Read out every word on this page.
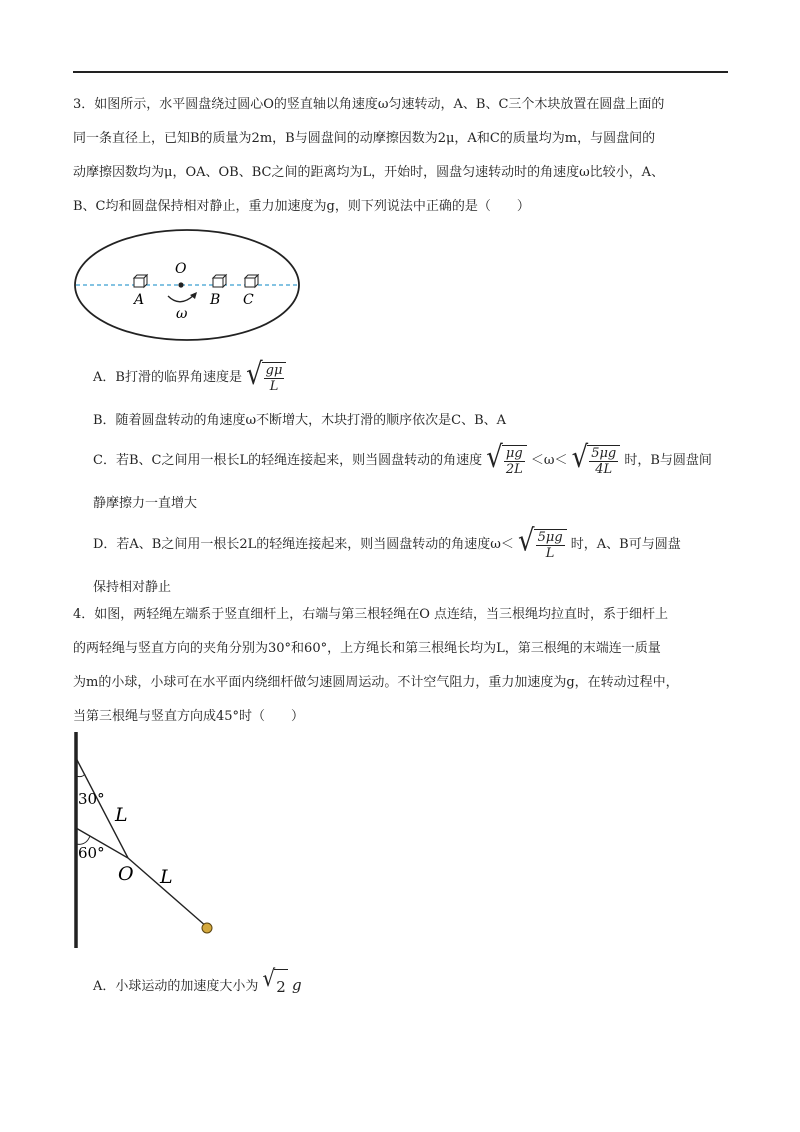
3．如图所示，水平圆盘绕过圆心O的竖直轴以角速度ω匀速转动，A、B、C三个木块放置在圆盘上面的

同一条直径上，已知B的质量为2m，B与圆盘间的动摩擦因数为2μ，A和C的质量均为m，与圆盘间的

动摩擦因数均为μ，OA、OB、BC之间的距离均为L，开始时，圆盘匀速转动时的角速度ω比较小，A、

B、C均和圆盘保持相对静止，重力加速度为g，则下列说法中正确的是（　　）

O
A	B C
ω
A．B打滑的临界角速度是 √ $\frac{g\mu}{L}$

B．随着圆盘转动的角速度ω不断增大，木块打滑的顺序依次是C、B、A

C．若B、C之间用一根长L的轻绳连接起来，则当圆盘转动的角速度 √ $\frac{\mu g}{2L} <\omega<$ √ $\frac{5\mu g}{4L}$ 时，B与圆盘间

静摩擦力一直增大

D．若A、B之间用一根长2L的轻绳连接起来，则当圆盘转动的角速度ω＜ √ $\frac{5\mu g}{L}$ 时，A、B可与圆盘

保持相对静止

4．如图，两轻绳左端系于竖直细杆上，右端与第三根轻绳在O 点连结，当三根绳均拉直时，系于细杆上

的两轻绳与竖直方向的夹角分别为30°和60°，上方绳长和第三根绳长均为L，第三根绳的末端连一质量

为m的小球，小球可在水平面内绕细杆做匀速圆周运动。不计空气阻力，重力加速度为g，在转动过程中，

当第三根绳与竖直方向成45°时（　　）

30°
60°
L
O L
A．小球运动的加速度大小为 √ 2 g
